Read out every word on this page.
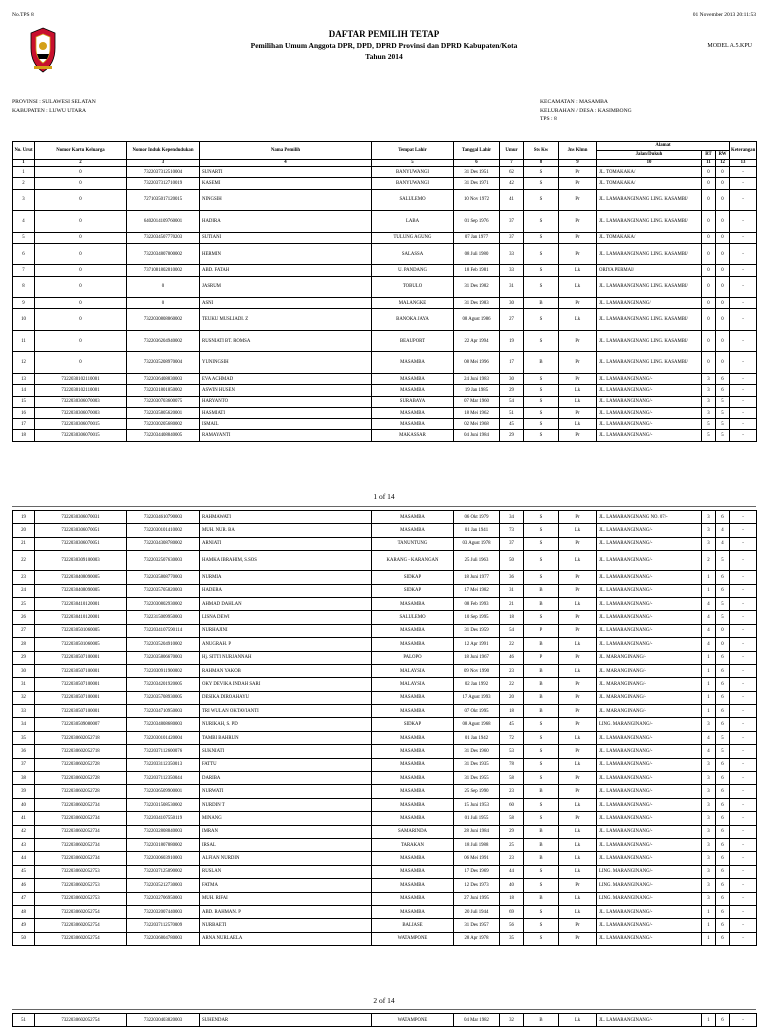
No.TPS 8	01 November 2013 20:11:53
DAFTAR PEMILIH TETAP
Pemilihan Umum Anggota DPR, DPD, DPRD Provinsi dan DPRD Kabupaten/Kota
Tahun 2014
MODEL A.5.KPU
PROVINSI : SULAWESI SELATAN
KABUPATEN : LUWU UTARA
KECAMATAN : MASAMBA
KELURAHAN / DESA : KASIMBONG
TPS : 8
No. Urut	Nomor Kartu Keluarga	Nomor Induk Kependudukan	Nama Pemilih	Tempat Lahir	Tanggal Lahir	Umur	Sts Kw	Jns Klmn	Alamat			Keterangan
									Jalan/Dukuh	RT	RW	
1	2	3	4	5	6	7	8	9	10	11	12	13
1	0	7322037312510004	SUNARTI	BANYUWANGI	31 Des 1951	62	S	Pr	JL. TOMAKAKA/	0	0	-
2	0	7322037312710019	KASEMI	BANYUWANGI	31 Des 1971	42	S	Pr	JL. TOMAKAKA/	0	0	-
3	0	7271035017120015	NINGSIH	SALULEMO	10 Nov 1972	41	S	Pr	JL. LAMARANGINANG LING. KASAMBI/	0	0	-
4	0	6402014109760001	HADIRA	LABA	01 Sep 1976	37	S	Pr	JL. LAMARANGINANG LING. KASAMBI/	0	0	-
5	0	7322034507770203	SUTIANI	TULUNG AGUNG	07 Jan 1977	37	S	Pr	JL. TOMAKAKA/	0	0	-
6	0	7322034807800002	HERMIN	SALASSA	08 Juli 1980	33	S	Pr	JL. LAMARANGINANG LING. KASAMBI/	0	0	-
7	0	7371081802810002	ABD. FATAH	U. PANDANG	18 Feb 1981	33	S	Lk	ORIYA PERMAI/	0	0	-
8	0	0	JASRUM	TOBULO	31 Des 1982	31	S	Lk	JL. LAMARANGINANG LING. KASAMBI/	0	0	-
9	0	0	ASNI	MALANGKE	31 Des 1983	30	B	Pr	JL. LAMARANGINANG/	0	0	-
10	0	7322030808860002	TEUKU MUSLIADI. Z	BANOKA JAYA	08 Agust 1986	27	S	Lk	JL. LAMARANGINANG LING. KASAMBI/	0	0	-
11	0	7322036204940002	RUSNIATI BT. ROMSA	BEAUPORT	22 Apr 1994	19	S	Pr	JL. LAMARANGINANG LING. KASAMBI/	0	0	-
12	0	7322035208970004	YUNINGSIH	MASAMBA	08 Mei 1996	17	B	Pr	JL. LAMARANGINANG LING. KASAMBI/	0	0	-
13	7322030102110001	7322036408830003	EVA ACHMAD	MASAMBA	24 Juni 1983	30	S	Pr	JL. LAMARANGINANG/-	3	6	-
14	7322030102110001	7322031801850002	ASWIN HUSEN	MASAMBA	19 Jan 1985	29	S	Lk	JL. LAMARANGINANG/-	3	6	-
15	7322030306070003	7322030703600075	HARYANTO	SURABAYA	07 Mar 1960	54	S	Lk	JL. LAMARANGINANG/-	3	5	-
16	7322030306070003	7322035805620001	HASMIATI	MASAMBA	18 Mei 1962	51	S	Pr	JL. LAMARANGINANG/-	3	5	-
17	7322030306070015	7322030205680002	ISMAIL	MASAMBA	02 Mei 1968	45	S	Lk	JL. LAMARANGINANG/-	5	5	-
18	7322030306070015	7322034408840005	RAMAYANTI	MAKASSAR	04 Juni 1984	29	S	Pr	JL. LAMARANGINANG/-	5	5	-
1 of 14
19	7322030306070031	7322034610790003	RAHMAWATI	MASAMBA	06 Okt 1979	34	S	Pr	JL. LAMARANGINANG NO. 07/-	3	6	-
20	7322030306070051	7322030101410002	MUH. NUR. BA	MASAMBA	01 Jan 1941	73	S	Lk	JL. LAMARANGINANG/-	3	4	-
21	7322030306070051	7322034308780002	ARNIATI	TANUNTUNG	03 Agust 1978	37	S	Pr	JL. LAMARANGINANG/-	3	4	-
22	7322030309100003	7322032507630003	HAMKA IBRAHIM, S.SOS	KARANG - KARANGAN	25 Juli 1963	50	S	Lk	JL. LAMARANGINANG/-	2	5	-
23	7322030408090005	7322035808770003	NURMIA	SIDKAP	18 Juni 1977	36	S	Pr	JL. LAMARANGINANG/-	1	6	-
24	7322030408090005	7322035705820003	HADERA	SIDKAP	17 Mei 1982	31	B	Pr	JL. LAMARANGINANG/-	1	6	-
25	7322030410120001	7322030802930002	AHMAD DAHLAN	MASAMBA	08 Feb 1993	21	B	Lk	JL. LAMARANGINANG/-	4	5	-
26	7322030410120001	7322315009950003	LISNA DEWI	SALULEMO	10 Sep 1995	18	S	Pr	JL. LAMARANGINANG/-	4	5	-
27	7322030501060005	7322034107590114	NURHAJINI	MASAMBA	31 Des 1959	54	P	Pr	JL. LAMARANGINANG/-	4	0	-
28	7322030501060005	7322035204910002	ANUGRAH. P	MASAMBA	12 Apr 1991	22	B	Lk	JL. LAMARANGINANG/-	4	0	-
29	7322030507100001	7322035806670003	Hj. SITTI NURJANNAH	PALOPO	18 Juni 1967	46	P	Pr	JL. MARANGINANG/-	1	6	-
30	7322030507100001	7322030911900002	RAHMAN YAKOB	MALAYSIA	09 Nov 1990	23	B	Lk	JL. MARANGINANG/-	1	6	-
31	7322030507100001	7322034201920005	OKY DEVIKA INDAH SARI	MALAYSIA	02 Jan 1992	22	B	Pr	JL. MARANGINANG/-	1	6	-
32	7322030507100001	7322035708930005	DESIKA DIROAHAYU	MASAMBA	17 Agust 1993	20	B	Pr	JL. MARANGINANG/-	1	6	-
33	7322030507100001	7322034710950003	TRI WULAN OKTAVIANTI	MASAMBA	07 Okt 1995	18	B	Pr	JL. MARANGINANG/-	1	6	-
34	7322030509080007	7322034808680003	NURIKAH, S. PD	SIDKAP	08 Agust 1968	45	S	Pr	LING. MARANGINANG/-	3	6	-
35	7322030602052718	7322030101420004	TAMBI BAHRUN	MASAMBA	01 Jan 1942	72	S	Lk	JL. LAMARANGINANG/-	4	5	-
36	7322030602052718	7322037112600076	SUKNIATI	MASAMBA	31 Des 1960	53	S	Pr	JL. LAMARANGINANG/-	4	5	-
37	7322030602052728	7322033112350013	FATTU	MASAMBA	31 Des 1935	78	S	Lk	JL. LAMARANGINANG/-	3	6	-
38	7322030602052728	7322037112350044	DARIBA	MASAMBA	31 Des 1955	58	S	Pr	JL. LAMARANGINANG/-	3	6	-
39	7322030602052728	7322036509900001	NURWATI	MASAMBA	25 Sep 1990	23	B	Pr	JL. LAMARANGINANG/-	3	6	-
40	7322030602052734	7322031508530002	NURDIN T	MASAMBA	15 Juni 1953	60	S	Lk	JL. LAMARANGINANG/-	3	6	-
41	7322030602052734	7322034107550119	MINANG	MASAMBA	01 Juli 1955	58	S	Pr	JL. LAMARANGINANG/-	3	6	-
42	7322030602052734	7322032808840003	IMRAN	SAMARINDA	28 Juni 1984	29	B	Lk	JL. LAMARANGINANG/-	3	6	-
43	7322030602052734	7322031807880002	IRSAL	TARAKAN	18 Juli 1988	25	B	Lk	JL. LAMARANGINANG/-	3	6	-
44	7322030602052734	7322030603910003	ALFIAN NURDIN	MASAMBA	06 Mei 1991	23	B	Lk	JL. LAMARANGINANG/-	3	6	-
45	7322030602052753	7322037125090002	RUSLAN	MASAMBA	17 Des 1969	44	S	Lk	LING. MARANGINANG/-	3	6	-
46	7322030602052753	7322035212730003	FATMA	MASAMBA	12 Des 1973	40	S	Pr	LING. MARANGINANG/-	3	6	-
47	7322030602052753	7322032706950003	MUH. RIFAI	MASAMBA	27 Juni 1995	18	B	Lk	LING. MARANGINANG/-	3	6	-
48	7322030602052754	7322032007440003	ABD. RAHMAN. P	MASAMBA	20 Juli 1944	69	S	Lk	JL. LAMARANGINANG/-	1	6	-
49	7322030602052754	7322037112570009	NURBAETI	BALIASE	31 Des 1957	56	S	Pr	JL. LAMARANGINANG/-	1	6	-
50	7322030602052754	7322036804780003	ARNA NURLAELA	WATAMPONE	28 Apr 1978	35	S	Pr	JL. LAMARANGINANG/-	1	6	-
2 of 14
51	7322030602052754	7322030403820003	SUHENDAR	WATAMPONE	04 Mar 1982	32	B	Lk	JL. LAMARANGINANG/-	1	6	-
